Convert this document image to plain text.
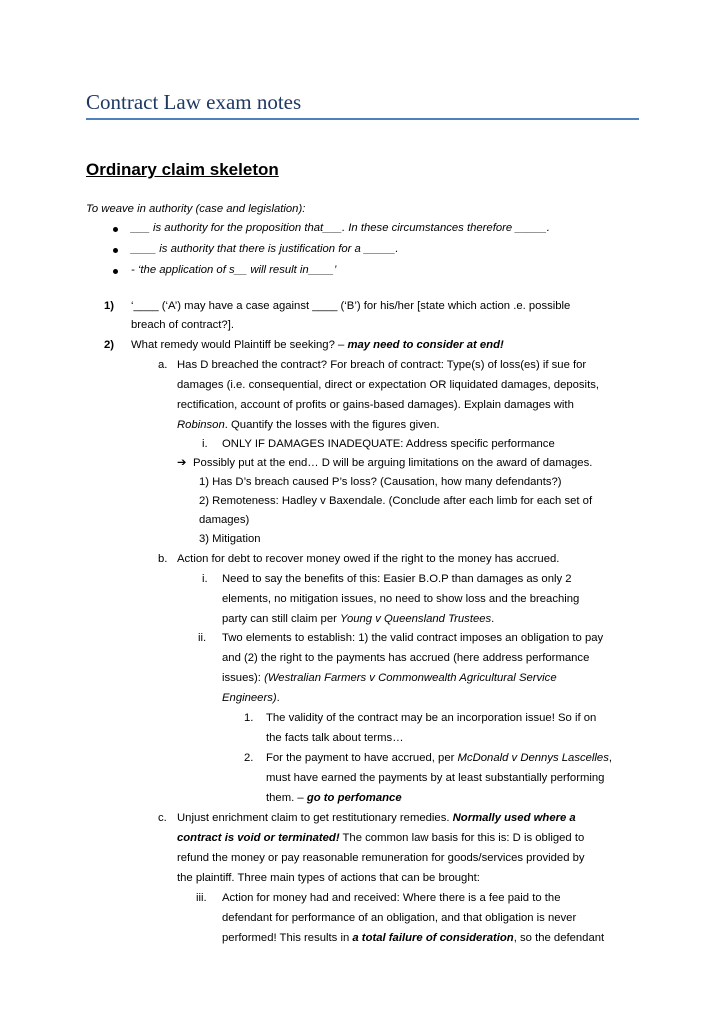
Contract Law exam notes
Ordinary claim skeleton
To weave in authority (case and legislation):
___ is authority for the proposition that___. In these circumstances therefore _____.
____ is authority that there is justification for a _____.
- ‘the application of s__ will result in____’
1) ‘____ (‘A’) may have a case against ____ (‘B’) for his/her [state which action .e. possible
breach of contract?].
2) What remedy would Plaintiff be seeking? – may need to consider at end!
a. Has D breached the contract? For breach of contract: Type(s) of loss(es) if sue for
damages (i.e. consequential, direct or expectation OR liquidated damages, deposits,
rectification, account of profits or gains-based damages). Explain damages with
Robinson. Quantify the losses with the figures given.
i. ONLY IF DAMAGES INADEQUATE: Address specific performance
➔ Possibly put at the end… D will be arguing limitations on the award of damages.
1) Has D’s breach caused P’s loss? (Causation, how many defendants?)
2) Remoteness: Hadley v Baxendale. (Conclude after each limb for each set of
damages)
3) Mitigation
b. Action for debt to recover money owed if the right to the money has accrued.
i. Need to say the benefits of this: Easier B.O.P than damages as only 2
elements, no mitigation issues, no need to show loss and the breaching
party can still claim per Young v Queensland Trustees.
ii. Two elements to establish: 1) the valid contract imposes an obligation to pay
and (2) the right to the payments has accrued (here address performance
issues): (Westralian Farmers v Commonwealth Agricultural Service
Engineers).
1. The validity of the contract may be an incorporation issue! So if on
the facts talk about terms…
2. For the payment to have accrued, per McDonald v Dennys Lascelles,
must have earned the payments by at least substantially performing
them. – go to perfomance
c. Unjust enrichment claim to get restitutionary remedies. Normally used where a
contract is void or terminated! The common law basis for this is: D is obliged to
refund the money or pay reasonable remuneration for goods/services provided by
the plaintiff. Three main types of actions that can be brought:
iii. Action for money had and received: Where there is a fee paid to the
defendant for performance of an obligation, and that obligation is never
performed! This results in a total failure of consideration, so the defendant
